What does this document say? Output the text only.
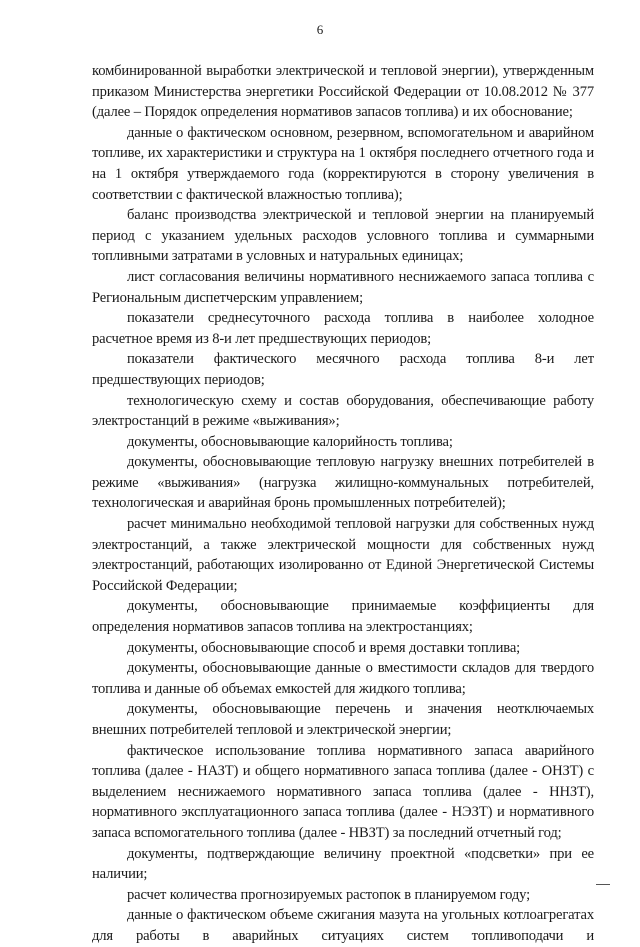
6

комбинированной выработки электрической и тепловой энергии), утвержденным приказом Министерства энергетики Российской Федерации от 10.08.2012 № 377 (далее – Порядок определения нормативов запасов топлива) и их обоснование;

данные о фактическом основном, резервном, вспомогательном и аварийном топливе, их характеристики и структура на 1 октября последнего отчетного года и на 1 октября утверждаемого года (корректируются в сторону увеличения в соответствии с фактической влажностью топлива);

баланс производства электрической и тепловой энергии на планируемый период с указанием удельных расходов условного топлива и суммарными топливными затратами в условных и натуральных единицах;

лист согласования величины нормативного неснижаемого запаса топлива с Региональным диспетчерским управлением;

показатели среднесуточного расхода топлива в наиболее холодное расчетное время из 8-и лет предшествующих периодов;

показатели фактического месячного расхода топлива 8-и лет предшествующих периодов;

технологическую схему и состав оборудования, обеспечивающие работу электростанций в режиме «выживания»;

документы, обосновывающие калорийность топлива;

документы, обосновывающие тепловую нагрузку внешних потребителей в режиме «выживания» (нагрузка жилищно-коммунальных потребителей, технологическая и аварийная бронь промышленных потребителей);

расчет минимально необходимой тепловой нагрузки для собственных нужд электростанций, а также электрической мощности для собственных нужд электростанций, работающих изолированно от Единой Энергетической Системы Российской Федерации;

документы, обосновывающие принимаемые коэффициенты для определения нормативов запасов топлива на электростанциях;

документы, обосновывающие способ и время доставки топлива;

документы, обосновывающие данные о вместимости складов для твердого топлива и данные об объемах емкостей для жидкого топлива;

документы, обосновывающие перечень и значения неотключаемых внешних потребителей тепловой и электрической энергии;

фактическое использование топлива нормативного запаса аварийного топлива (далее - НАЗТ) и общего нормативного запаса топлива (далее - ОНЗТ) с выделением неснижаемого нормативного запаса топлива (далее - ННЗТ), нормативного эксплуатационного запаса топлива (далее - НЭЗТ) и нормативного запаса вспомогательного топлива (далее - НВЗТ) за последний отчетный год;

документы, подтверждающие величину проектной «подсветки» при ее наличии;

расчет количества прогнозируемых растопок в планируемом году;

данные о фактическом объеме сжигания мазута на угольных котлоагрегатах для работы в аварийных ситуациях систем топливоподачи и
